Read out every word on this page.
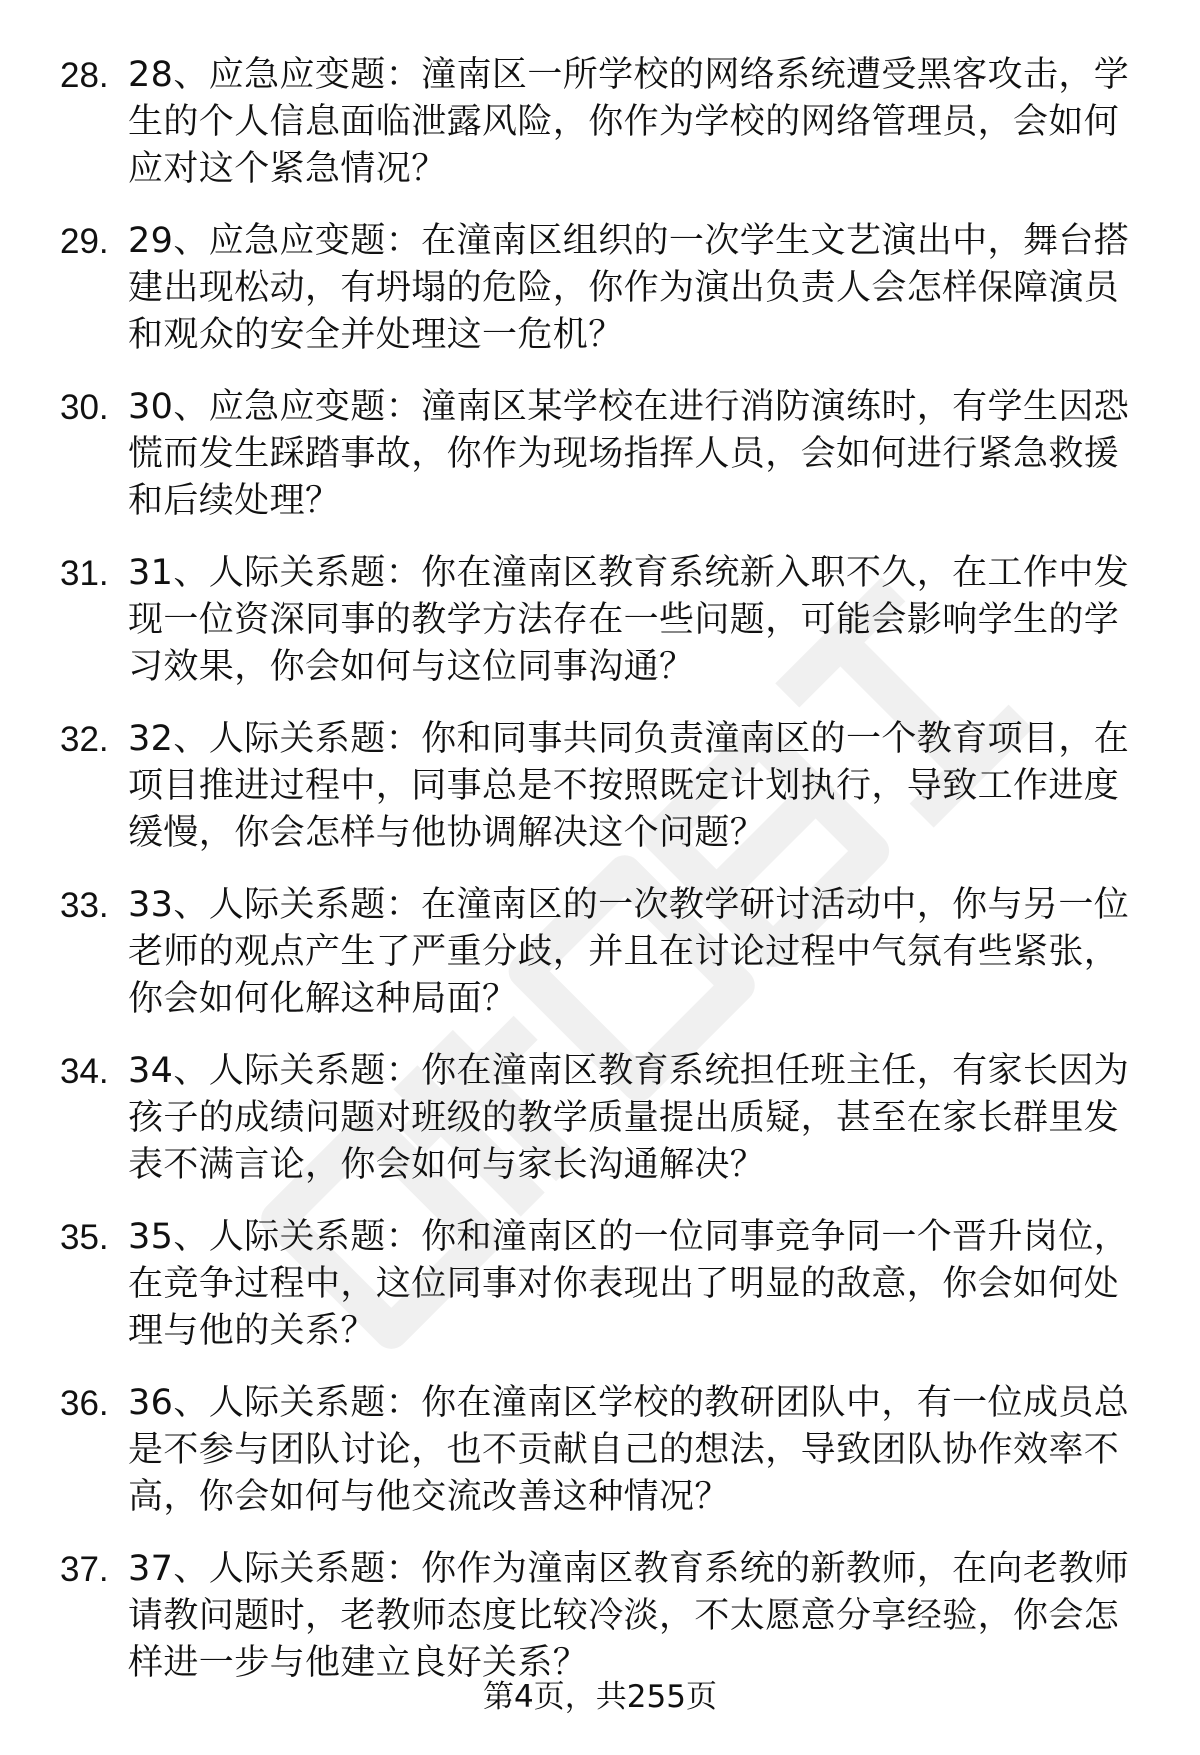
28. 28、应急应变题：潼南区一所学校的网络系统遭受黑客攻击，学生的个人信息面临泄露风险，你作为学校的网络管理员，会如何应对这个紧急情况？
29. 29、应急应变题：在潼南区组织的一次学生文艺演出中，舞台搭建出现松动，有坍塌的危险，你作为演出负责人会怎样保障演员和观众的安全并处理这一危机？
30. 30、应急应变题：潼南区某学校在进行消防演练时，有学生因恐慌而发生踩踏事故，你作为现场指挥人员，会如何进行紧急救援和后续处理？
31. 31、人际关系题：你在潼南区教育系统新入职不久，在工作中发现一位资深同事的教学方法存在一些问题，可能会影响学生的学习效果，你会如何与这位同事沟通？
32. 32、人际关系题：你和同事共同负责潼南区的一个教育项目，在项目推进过程中，同事总是不按照既定计划执行，导致工作进度缓慢，你会怎样与他协调解决这个问题？
33. 33、人际关系题：在潼南区的一次教学研讨活动中，你与另一位老师的观点产生了严重分歧，并且在讨论过程中气氛有些紧张，你会如何化解这种局面？
34. 34、人际关系题：你在潼南区教育系统担任班主任，有家长因为孩子的成绩问题对班级的教学质量提出质疑，甚至在家长群里发表不满言论，你会如何与家长沟通解决？
35. 35、人际关系题：你和潼南区的一位同事竞争同一个晋升岗位，在竞争过程中，这位同事对你表现出了明显的敌意，你会如何处理与他的关系？
36. 36、人际关系题：你在潼南区学校的教研团队中，有一位成员总是不参与团队讨论，也不贡献自己的想法，导致团队协作效率不高，你会如何与他交流改善这种情况？
37. 37、人际关系题：你作为潼南区教育系统的新教师，在向老教师请教问题时，老教师态度比较冷淡，不太愿意分享经验，你会怎样进一步与他建立良好关系？
第4页，共255页
